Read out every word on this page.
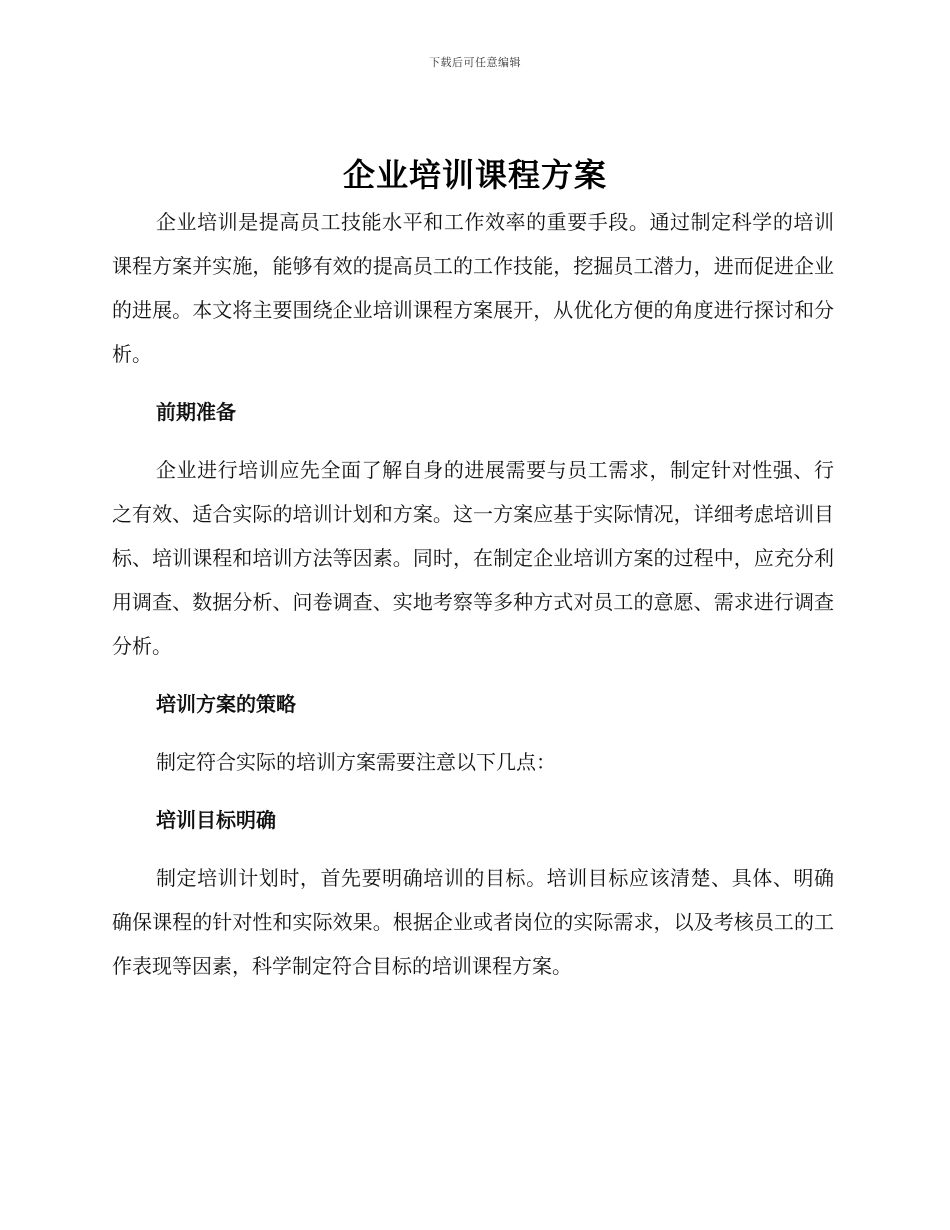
下载后可任意编辑
企业培训课程方案

企业培训是提高员工技能水平和工作效率的重要手段。通过制定科学的培训课程方案并实施，能够有效的提高员工的工作技能，挖掘员工潜力，进而促进企业的进展。本文将主要围绕企业培训课程方案展开，从优化方便的角度进行探讨和分析。

前期准备

企业进行培训应先全面了解自身的进展需要与员工需求，制定针对性强、行之有效、适合实际的培训计划和方案。这一方案应基于实际情况，详细考虑培训目标、培训课程和培训方法等因素。同时，在制定企业培训方案的过程中，应充分利用调查、数据分析、问卷调查、实地考察等多种方式对员工的意愿、需求进行调查分析。

培训方案的策略

制定符合实际的培训方案需要注意以下几点：

培训目标明确

制定培训计划时，首先要明确培训的目标。培训目标应该清楚、具体、明确确保课程的针对性和实际效果。根据企业或者岗位的实际需求，以及考核员工的工作表现等因素，科学制定符合目标的培训课程方案。
